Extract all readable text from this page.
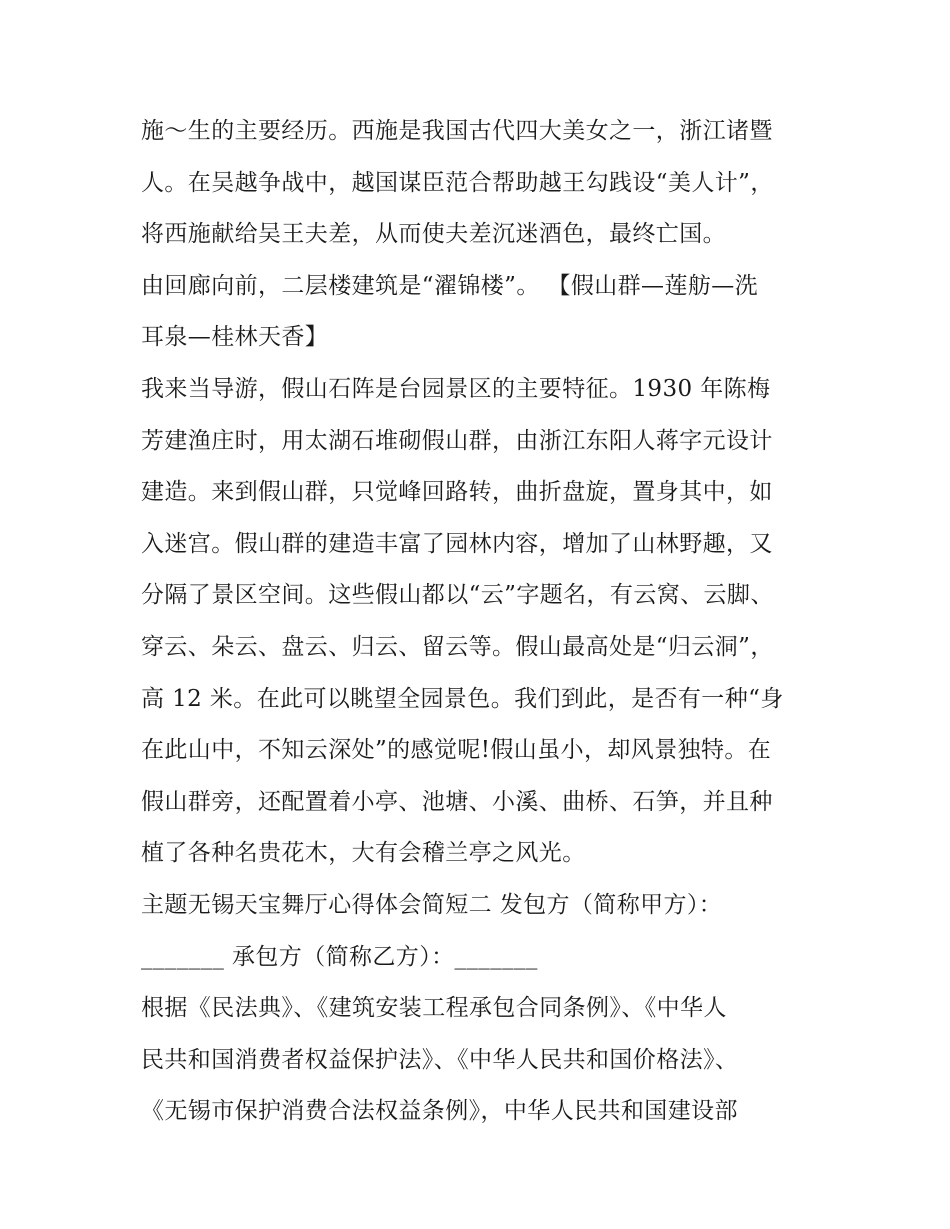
施～生的主要经历。西施是我国古代四大美女之一，浙江诸暨
人。在吴越争战中，越国谋臣范合帮助越王勾践设“美人计”，
将西施献给吴王夫差，从而使夫差沉迷酒色，最终亡国。
由回廊向前，二层楼建筑是“濯锦楼”。 【假山群—莲舫—洗
耳泉—桂林天香】
我来当导游，假山石阵是台园景区的主要特征。1930 年陈梅
芳建渔庄时，用太湖石堆砌假山群，由浙江东阳人蒋字元设计
建造。来到假山群，只觉峰回路转，曲折盘旋，置身其中，如
入迷宫。假山群的建造丰富了园林内容，增加了山林野趣，又
分隔了景区空间。这些假山都以“云”字题名，有云窝、云脚、
穿云、朵云、盘云、归云、留云等。假山最高处是“归云洞”，
高 12 米。在此可以眺望全园景色。我们到此，是否有一种“身
在此山中，不知云深处”的感觉呢!假山虽小，却风景独特。在
假山群旁，还配置着小亭、池塘、小溪、曲桥、石笋，并且种
植了各种名贵花木，大有会稽兰亭之风光。
主题无锡天宝舞厅心得体会简短二 发包方（简称甲方）：
_______ 承包方（简称乙方）：_______
根据《民法典》、《建筑安装工程承包合同条例》、《中华人
民共和国消费者权益保护法》、《中华人民共和国价格法》、
《无锡市保护消费合法权益条例》，中华人民共和国建设部
